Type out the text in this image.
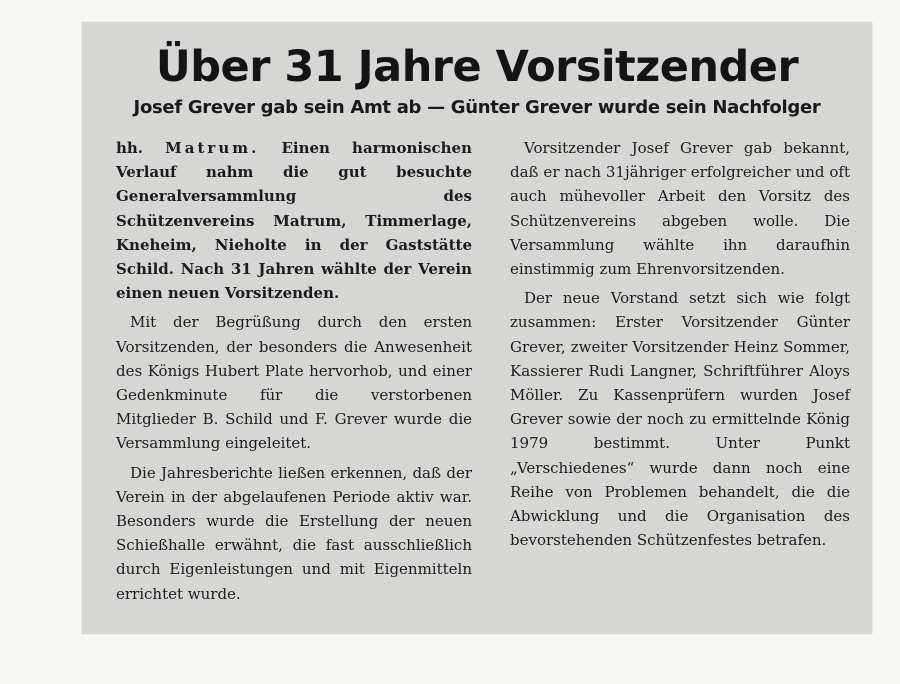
Über 31 Jahre Vorsitzender
Josef Grever gab sein Amt ab — Günter Grever wurde sein Nachfolger

hh. Matrum. Einen harmonischen Verlauf nahm die gut besuchte Generalversammlung des Schützenvereins Matrum, Timmerlage, Kneheim, Nieholte in der Gaststätte Schild. Nach 31 Jahren wählte der Verein einen neuen Vorsitzenden.

Mit der Begrüßung durch den ersten Vorsitzenden, der besonders die Anwesenheit des Königs Hubert Plate hervorhob, und einer Gedenkminute für die verstorbenen Mitglieder B. Schild und F. Grever wurde die Versammlung eingeleitet.

Die Jahresberichte ließen erkennen, daß der Verein in der abgelaufenen Periode aktiv war. Besonders wurde die Erstellung der neuen Schießhalle erwähnt, die fast ausschließlich durch Eigenleistungen und mit Eigenmitteln errichtet wurde.

Vorsitzender Josef Grever gab bekannt, daß er nach 31jähriger erfolgreicher und oft auch mühevoller Arbeit den Vorsitz des Schützenvereins abgeben wolle. Die Versammlung wählte ihn daraufhin einstimmig zum Ehrenvorsitzenden.

Der neue Vorstand setzt sich wie folgt zusammen: Erster Vorsitzender Günter Grever, zweiter Vorsitzender Heinz Sommer, Kassierer Rudi Langner, Schriftführer Aloys Möller. Zu Kassenprüfern wurden Josef Grever sowie der noch zu ermittelnde König 1979 bestimmt. Unter Punkt „Verschiedenes“ wurde dann noch eine Reihe von Problemen behandelt, die die Abwicklung und die Organisation des bevorstehenden Schützenfestes betrafen.
